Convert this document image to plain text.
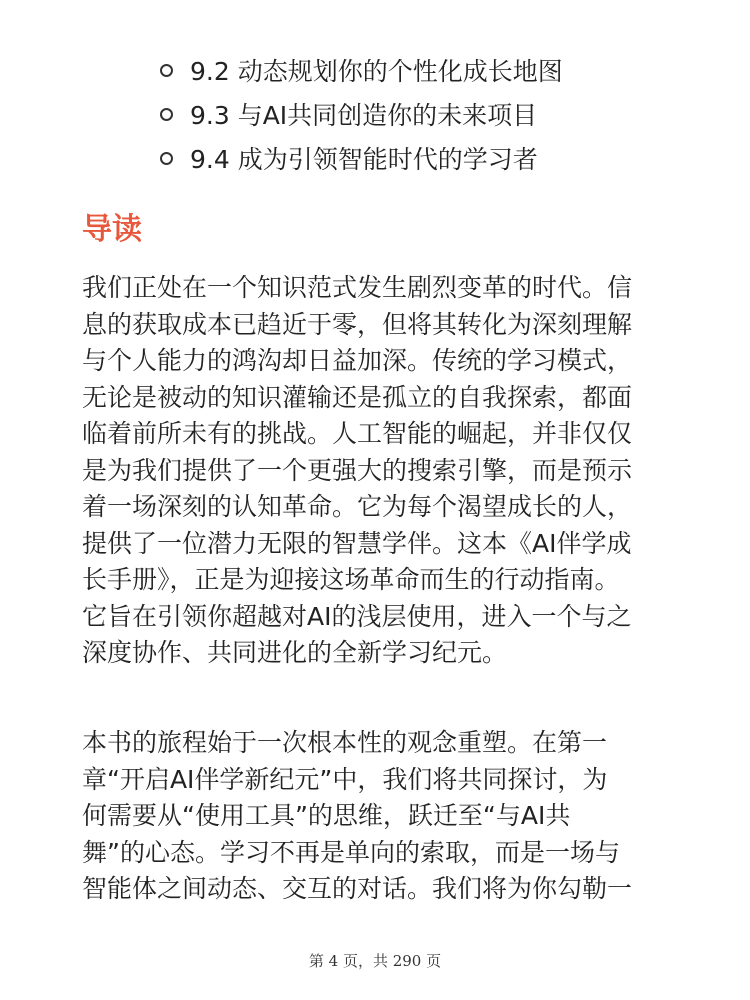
9.2 动态规划你的个性化成长地图
9.3 与AI共同创造你的未来项目
9.4 成为引领智能时代的学习者
导读

我们正处在一个知识范式发生剧烈变革的时代。信
息的获取成本已趋近于零，但将其转化为深刻理解
与个人能力的鸿沟却日益加深。传统的学习模式，
无论是被动的知识灌输还是孤立的自我探索，都面
临着前所未有的挑战。人工智能的崛起，并非仅仅
是为我们提供了一个更强大的搜索引擎，而是预示
着一场深刻的认知革命。它为每个渴望成长的人，
提供了一位潜力无限的智慧学伴。这本《AI伴学成
长手册》，正是为迎接这场革命而生的行动指南。
它旨在引领你超越对AI的浅层使用，进入一个与之
深度协作、共同进化的全新学习纪元。

本书的旅程始于一次根本性的观念重塑。在第一
章“开启AI伴学新纪元”中，我们将共同探讨，为
何需要从“使用工具”的思维，跃迁至“与AI共
舞”的心态。学习不再是单向的索取，而是一场与
智能体之间动态、交互的对话。我们将为你勾勒一

第 4 页，共 290 页
